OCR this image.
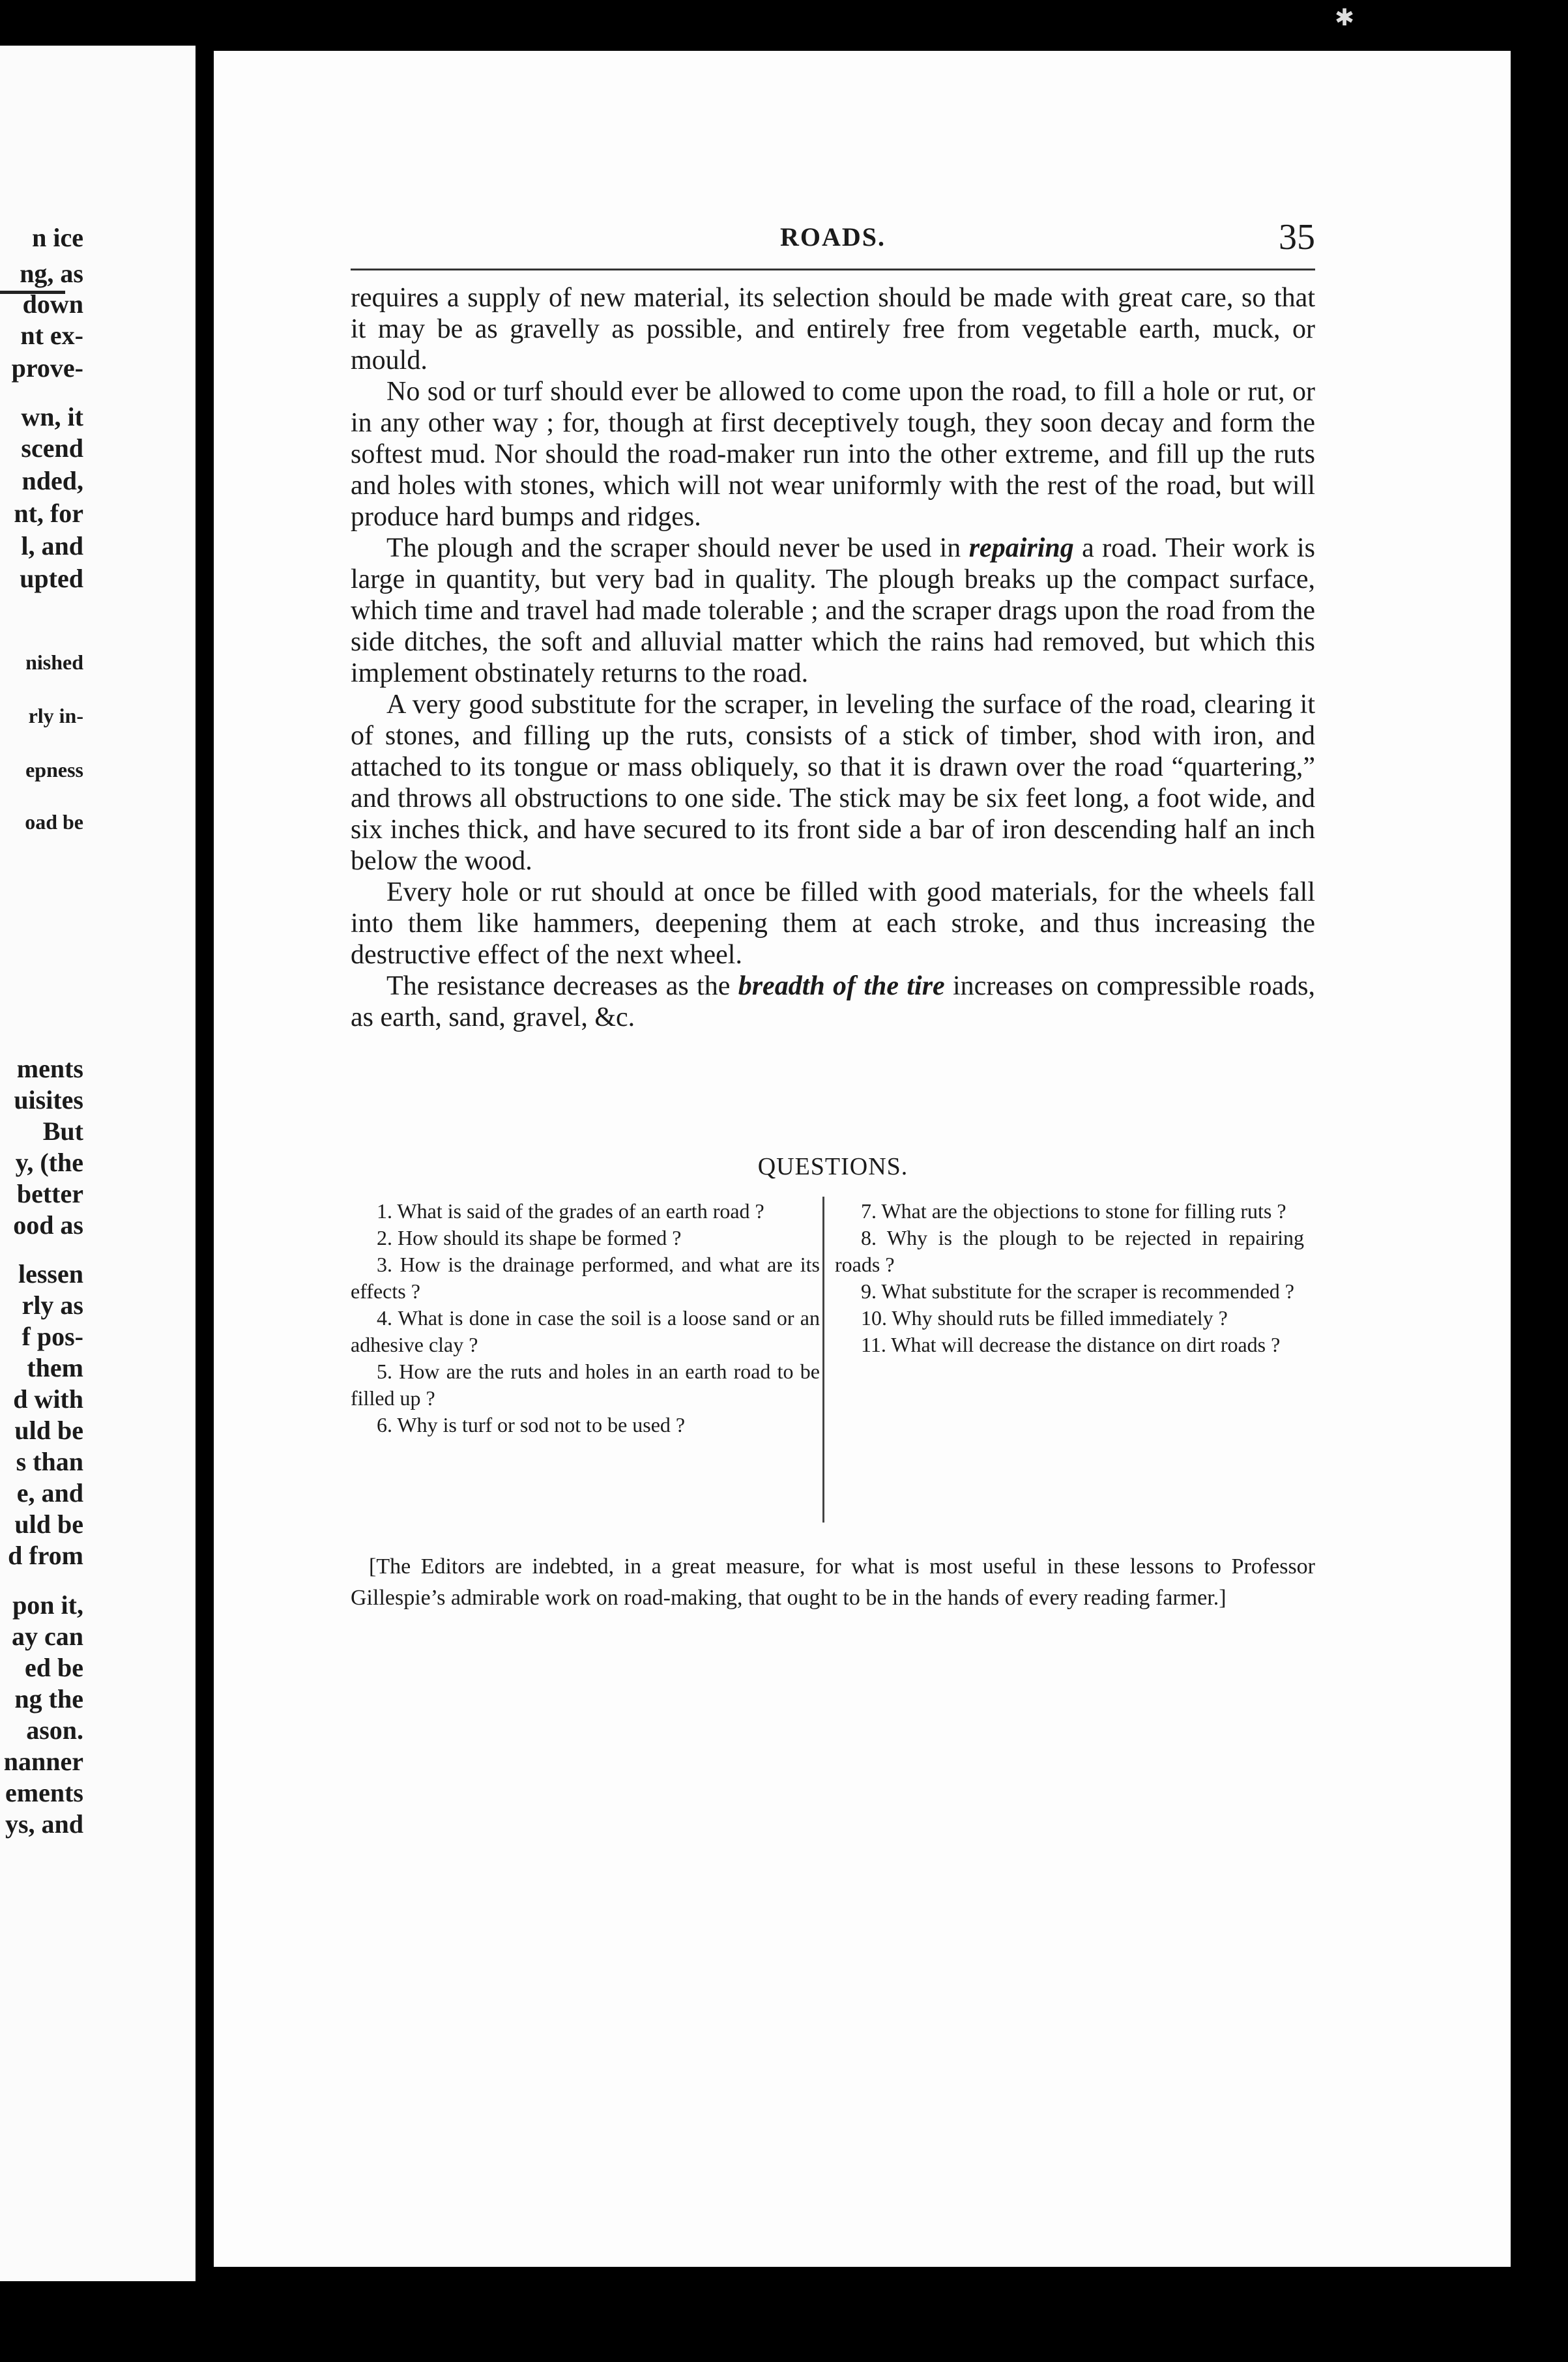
n ice
ng, as
down
nt ex-
prove-
wn, it
scend
nded,
nt, for
l, and
upted
nished
rly in-
epness
oad be
ments
uisites
But
y, (the
better
ood as
lessen
rly as
f pos-
them
d with
uld be
s than
e, and
uld be
d from
pon it,
ay can
ed be
ng the
ason.
nanner
ements
ys, and
✱
ROADS.	35

requires a supply of new material, its selection should be made with great care, so that it may be as gravelly as possible, and entirely free from vegetable earth, muck, or mould.

No sod or turf should ever be allowed to come upon the road, to fill a hole or rut, or in any other way ; for, though at first deceptively tough, they soon decay and form the softest mud. Nor should the road-maker run into the other extreme, and fill up the ruts and holes with stones, which will not wear uniformly with the rest of the road, but will produce hard bumps and ridges.

The plough and the scraper should never be used in repairing a road. Their work is large in quantity, but very bad in quality. The plough breaks up the compact surface, which time and travel had made tolerable ; and the scraper drags upon the road from the side ditches, the soft and alluvial matter which the rains had removed, but which this implement obstinately returns to the road.

A very good substitute for the scraper, in leveling the surface of the road, clearing it of stones, and filling up the ruts, consists of a stick of timber, shod with iron, and attached to its tongue or mass obliquely, so that it is drawn over the road “quartering,” and throws all obstructions to one side. The stick may be six feet long, a foot wide, and six inches thick, and have secured to its front side a bar of iron descending half an inch below the wood.

Every hole or rut should at once be filled with good materials, for the wheels fall into them like hammers, deepening them at each stroke, and thus increasing the destructive effect of the next wheel.

The resistance decreases as the breadth of the tire increases on compressible roads, as earth, sand, gravel, &c.

QUESTIONS.

1. What is said of the grades of an earth road ?

2. How should its shape be formed ?

3. How is the drainage performed, and what are its effects ?

4. What is done in case the soil is a loose sand or an adhesive clay ?

5. How are the ruts and holes in an earth road to be filled up ?

6. Why is turf or sod not to be used ?

7. What are the objections to stone for filling ruts ?

8. Why is the plough to be rejected in repairing roads ?

9. What substitute for the scraper is recommended ?

10. Why should ruts be filled immediately ?

11. What will decrease the distance on dirt roads ?

[The Editors are indebted, in a great measure, for what is most useful in these lessons to Professor Gillespie’s admirable work on road-making, that ought to be in the hands of every reading farmer.]
